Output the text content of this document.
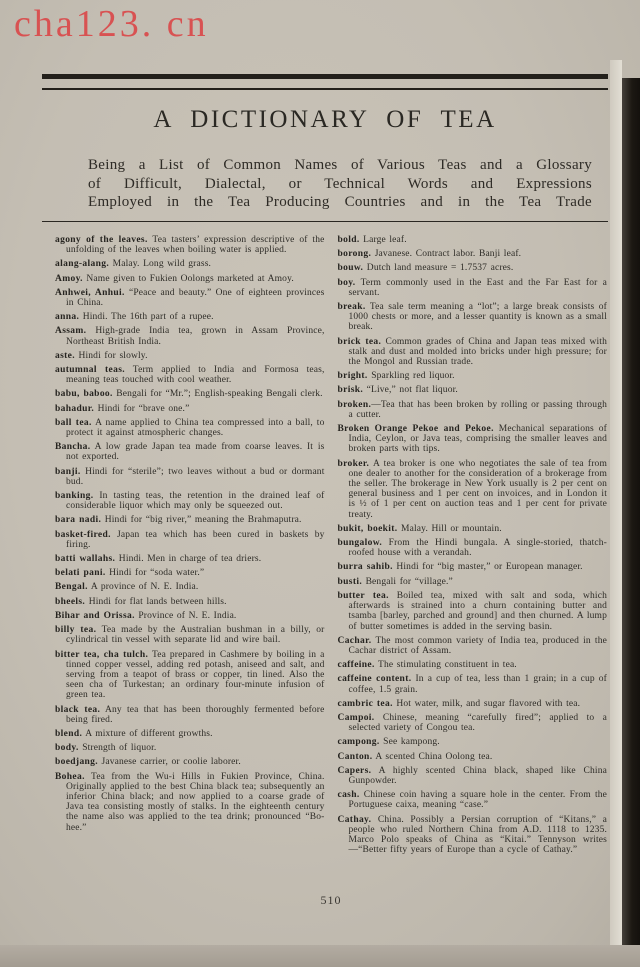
cha123. cn
A DICTIONARY OF TEA
Being a List of Common Names of Various Teas and a Glossary
of Difficult, Dialectal, or Technical Words and Expressions
Employed in the Tea Producing Countries and in the Tea Trade

agony of the leaves. Tea tasters’ expression descriptive of the unfolding of the leaves when boiling water is applied.

alang-alang. Malay. Long wild grass.

Amoy. Name given to Fukien Oolongs marketed at Amoy.

Anhwei, Anhui. “Peace and beauty.” One of eighteen provinces in China.

anna. Hindi. The 16th part of a rupee.

Assam. High-grade India tea, grown in Assam Province, Northeast British India.

aste. Hindi for slowly.

autumnal teas. Term applied to India and Formosa teas, meaning teas touched with cool weather.

babu, baboo. Bengali for “Mr.”; English-speaking Bengali clerk.

bahadur. Hindi for “brave one.”

ball tea. A name applied to China tea compressed into a ball, to protect it against atmospheric changes.

Bancha. A low grade Japan tea made from coarse leaves. It is not exported.

banji. Hindi for “sterile”; two leaves without a bud or dormant bud.

banking. In tasting teas, the retention in the drained leaf of considerable liquor which may only be squeezed out.

bara nadi. Hindi for “big river,” meaning the Brahmaputra.

basket-fired. Japan tea which has been cured in baskets by firing.

batti wallahs. Hindi. Men in charge of tea driers.

belati pani. Hindi for “soda water.”

Bengal. A province of N. E. India.

bheels. Hindi for flat lands between hills.

Bihar and Orissa. Province of N. E. India.

billy tea. Tea made by the Australian bushman in a billy, or cylindrical tin vessel with separate lid and wire bail.

bitter tea, cha tulch. Tea prepared in Cashmere by boiling in a tinned copper vessel, adding red potash, aniseed and salt, and serving from a teapot of brass or copper, tin lined. Also the seen cha of Turkestan; an ordinary four-minute infusion of green tea.

black tea. Any tea that has been thoroughly fermented before being fired.

blend. A mixture of different growths.

body. Strength of liquor.

boedjang. Javanese carrier, or coolie laborer.

Bohea. Tea from the Wu-i Hills in Fukien Province, China. Originally applied to the best China black tea; subsequently an inferior China black; and now applied to a coarse grade of Java tea consisting mostly of stalks. In the eighteenth century the name also was applied to the tea drink; pronounced “Bo-hee.”

bold. Large leaf.

borong. Javanese. Contract labor. Banji leaf.

bouw. Dutch land measure = 1.7537 acres.

boy. Term commonly used in the East and the Far East for a servant.

break. Tea sale term meaning a “lot”; a large break consists of 1000 chests or more, and a lesser quantity is known as a small break.

brick tea. Common grades of China and Japan teas mixed with stalk and dust and molded into bricks under high pressure; for the Mongol and Russian trade.

bright. Sparkling red liquor.

brisk. “Live,” not flat liquor.

broken.—Tea that has been broken by rolling or passing through a cutter.

Broken Orange Pekoe and Pekoe. Mechanical separations of India, Ceylon, or Java teas, comprising the smaller leaves and broken parts with tips.

broker. A tea broker is one who negotiates the sale of tea from one dealer to another for the consideration of a brokerage from the seller. The brokerage in New York usually is 2 per cent on general business and 1 per cent on invoices, and in London it is ½ of 1 per cent on auction teas and 1 per cent for private treaty.

bukit, boekit. Malay. Hill or mountain.

bungalow. From the Hindi bungala. A single-storied, thatch-roofed house with a verandah.

burra sahib. Hindi for “big master,” or European manager.

busti. Bengali for “village.”

butter tea. Boiled tea, mixed with salt and soda, which afterwards is strained into a churn containing butter and tsamba [barley, parched and ground] and then churned. A lump of butter sometimes is added in the serving basin.

Cachar. The most common variety of India tea, produced in the Cachar district of Assam.

caffeine. The stimulating constituent in tea.

caffeine content. In a cup of tea, less than 1 grain; in a cup of coffee, 1.5 grain.

cambric tea. Hot water, milk, and sugar flavored with tea.

Campoi. Chinese, meaning “carefully fired”; applied to a selected variety of Congou tea.

campong. See kampong.

Canton. A scented China Oolong tea.

Capers. A highly scented China black, shaped like China Gunpowder.

cash. Chinese coin having a square hole in the center. From the Portuguese caixa, meaning “case.”

Cathay. China. Possibly a Persian corruption of “Kitans,” a people who ruled Northern China from A.D. 1118 to 1235. Marco Polo speaks of China as “Kitai.” Tennyson writes—“Better fifty years of Europe than a cycle of Cathay.”

510
